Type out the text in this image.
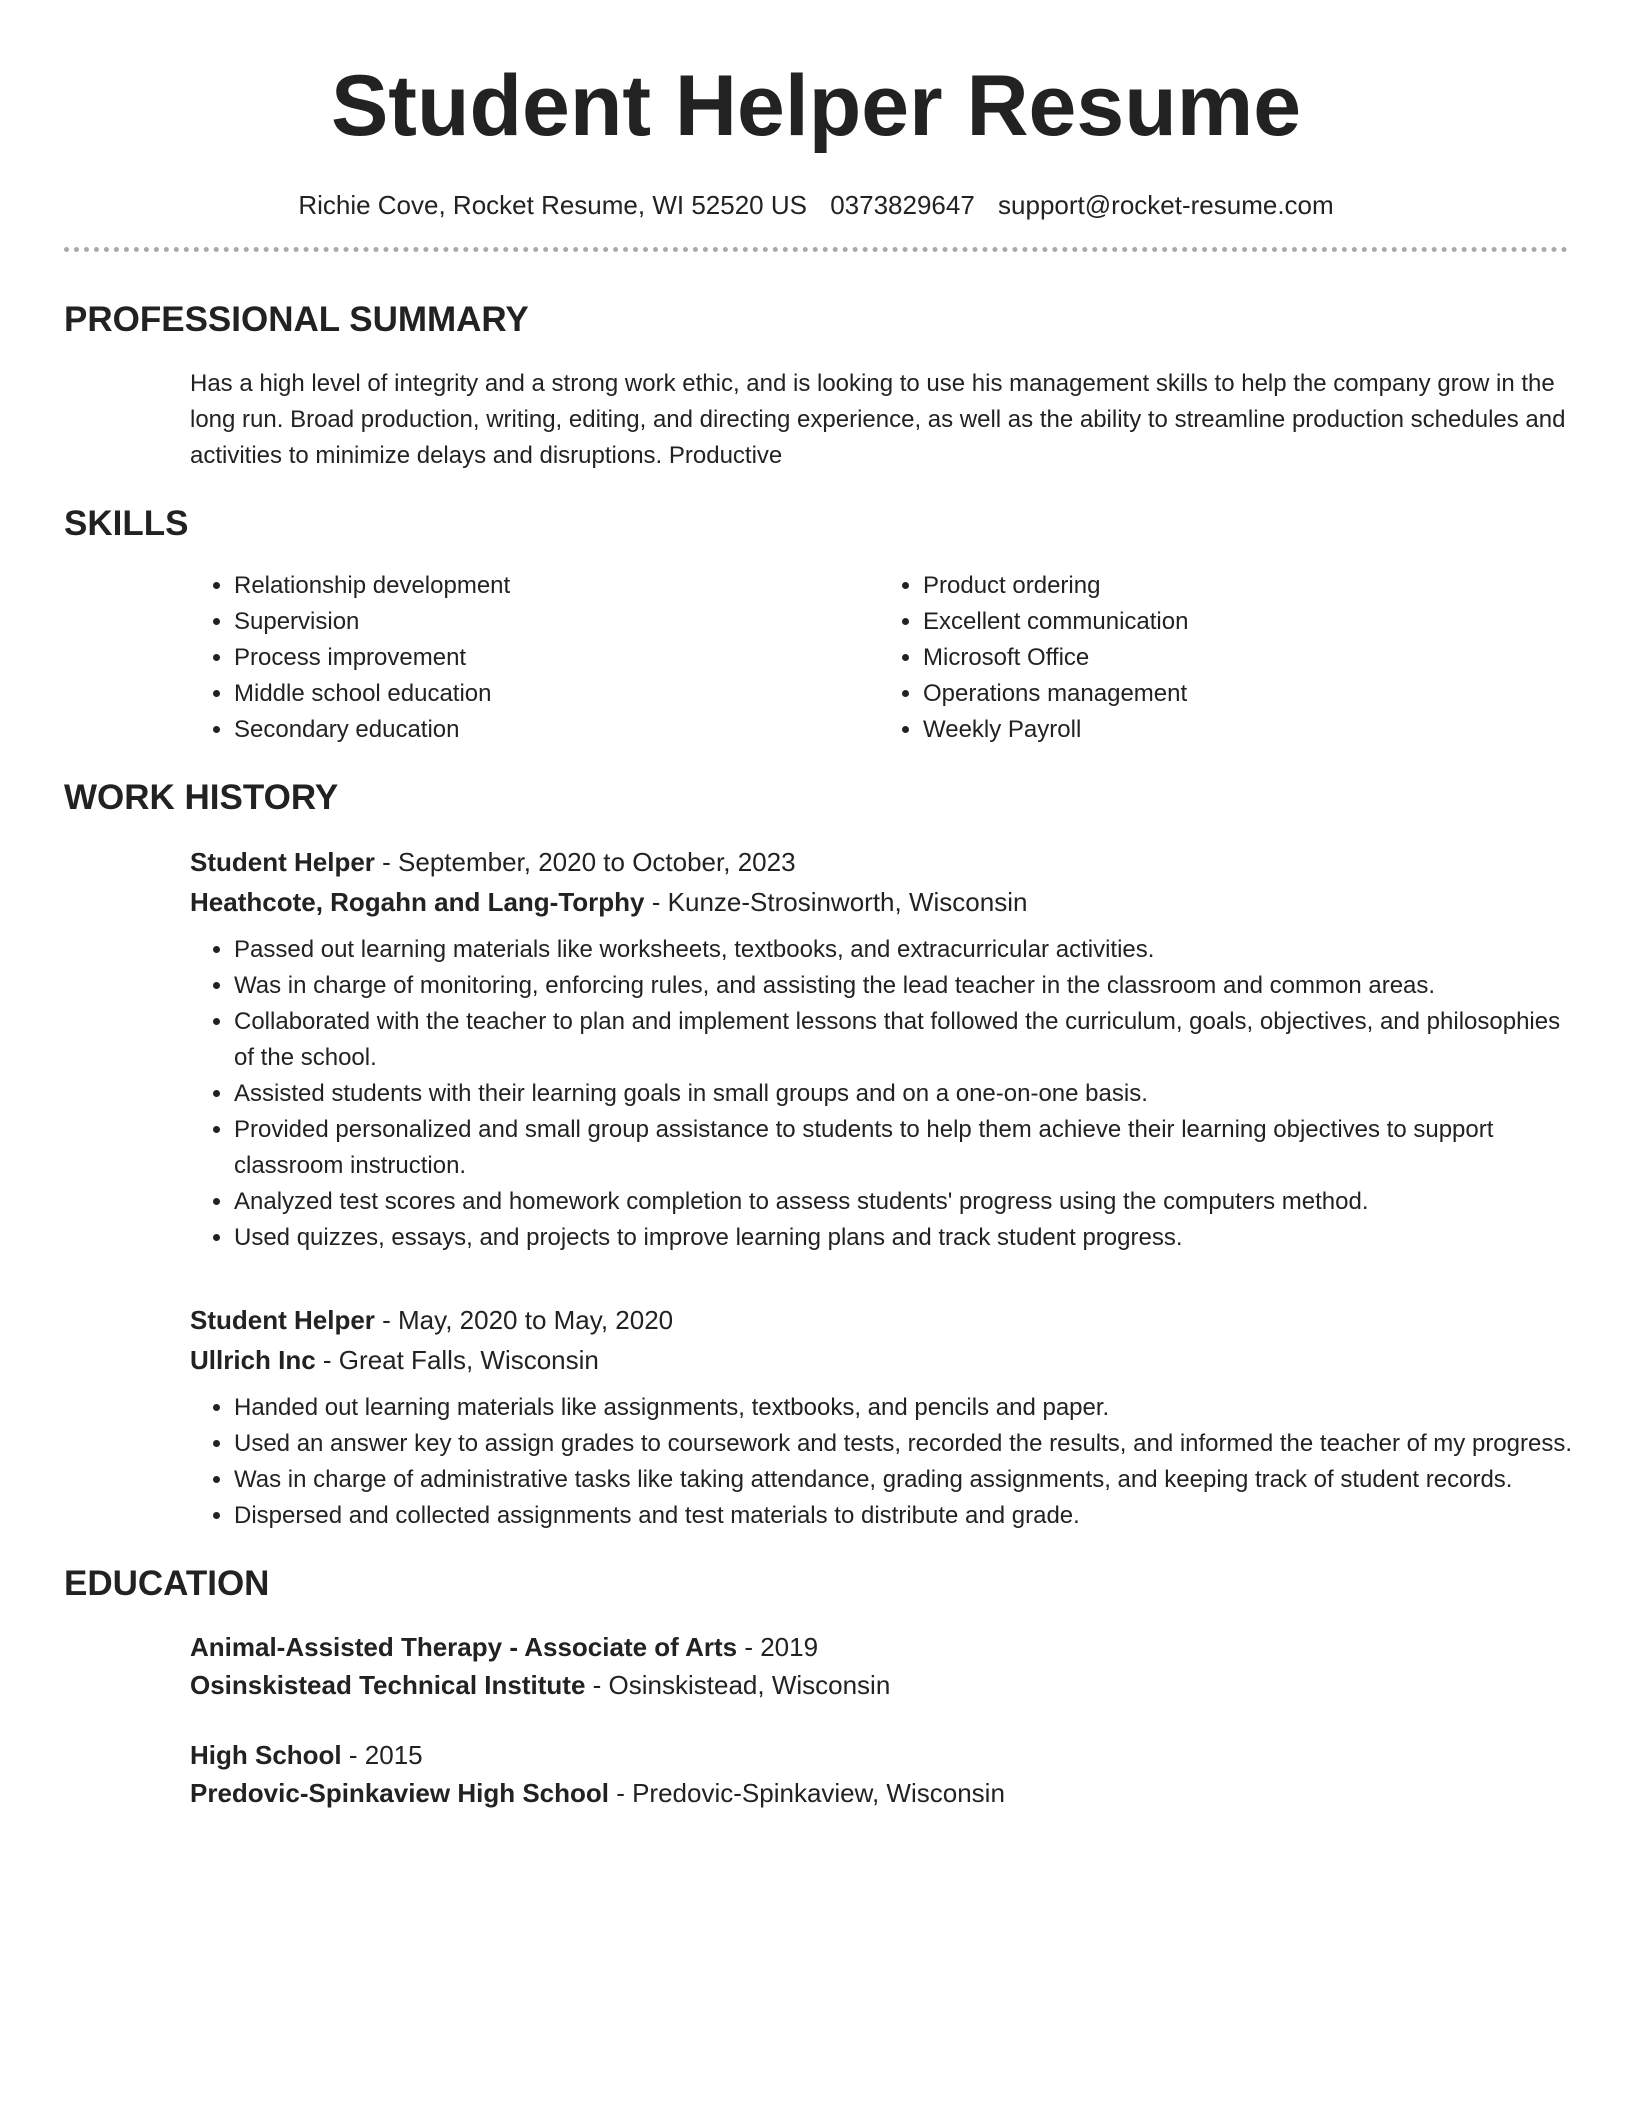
Student Helper Resume
Richie Cove, Rocket Resume, WI 52520 US 0373829647 support@rocket-resume.com
PROFESSIONAL SUMMARY

Has a high level of integrity and a strong work ethic, and is looking to use his management skills to help the company grow in the long run. Broad production, writing, editing, and directing experience, as well as the ability to streamline production schedules and activities to minimize delays and disruptions. Productive

SKILLS
• Relationship development
• Supervision
• Process improvement
• Middle school education
• Secondary education
• Product ordering
• Excellent communication
• Microsoft Office
• Operations management
• Weekly Payroll
WORK HISTORY
Student Helper - September, 2020 to October, 2023
Heathcote, Rogahn and Lang-Torphy - Kunze-Strosinworth, Wisconsin
• Passed out learning materials like worksheets, textbooks, and extracurricular activities.
• Was in charge of monitoring, enforcing rules, and assisting the lead teacher in the classroom and common areas.
• Collaborated with the teacher to plan and implement lessons that followed the curriculum, goals, objectives, and philosophies of the school.
• Assisted students with their learning goals in small groups and on a one-on-one basis.
• Provided personalized and small group assistance to students to help them achieve their learning objectives to support classroom instruction.
• Analyzed test scores and homework completion to assess students' progress using the computers method.
• Used quizzes, essays, and projects to improve learning plans and track student progress.
Student Helper - May, 2020 to May, 2020
Ullrich Inc - Great Falls, Wisconsin
• Handed out learning materials like assignments, textbooks, and pencils and paper.
• Used an answer key to assign grades to coursework and tests, recorded the results, and informed the teacher of my progress.
• Was in charge of administrative tasks like taking attendance, grading assignments, and keeping track of student records.
• Dispersed and collected assignments and test materials to distribute and grade.
EDUCATION
Animal-Assisted Therapy - Associate of Arts - 2019
Osinskistead Technical Institute - Osinskistead, Wisconsin
High School - 2015
Predovic-Spinkaview High School - Predovic-Spinkaview, Wisconsin
